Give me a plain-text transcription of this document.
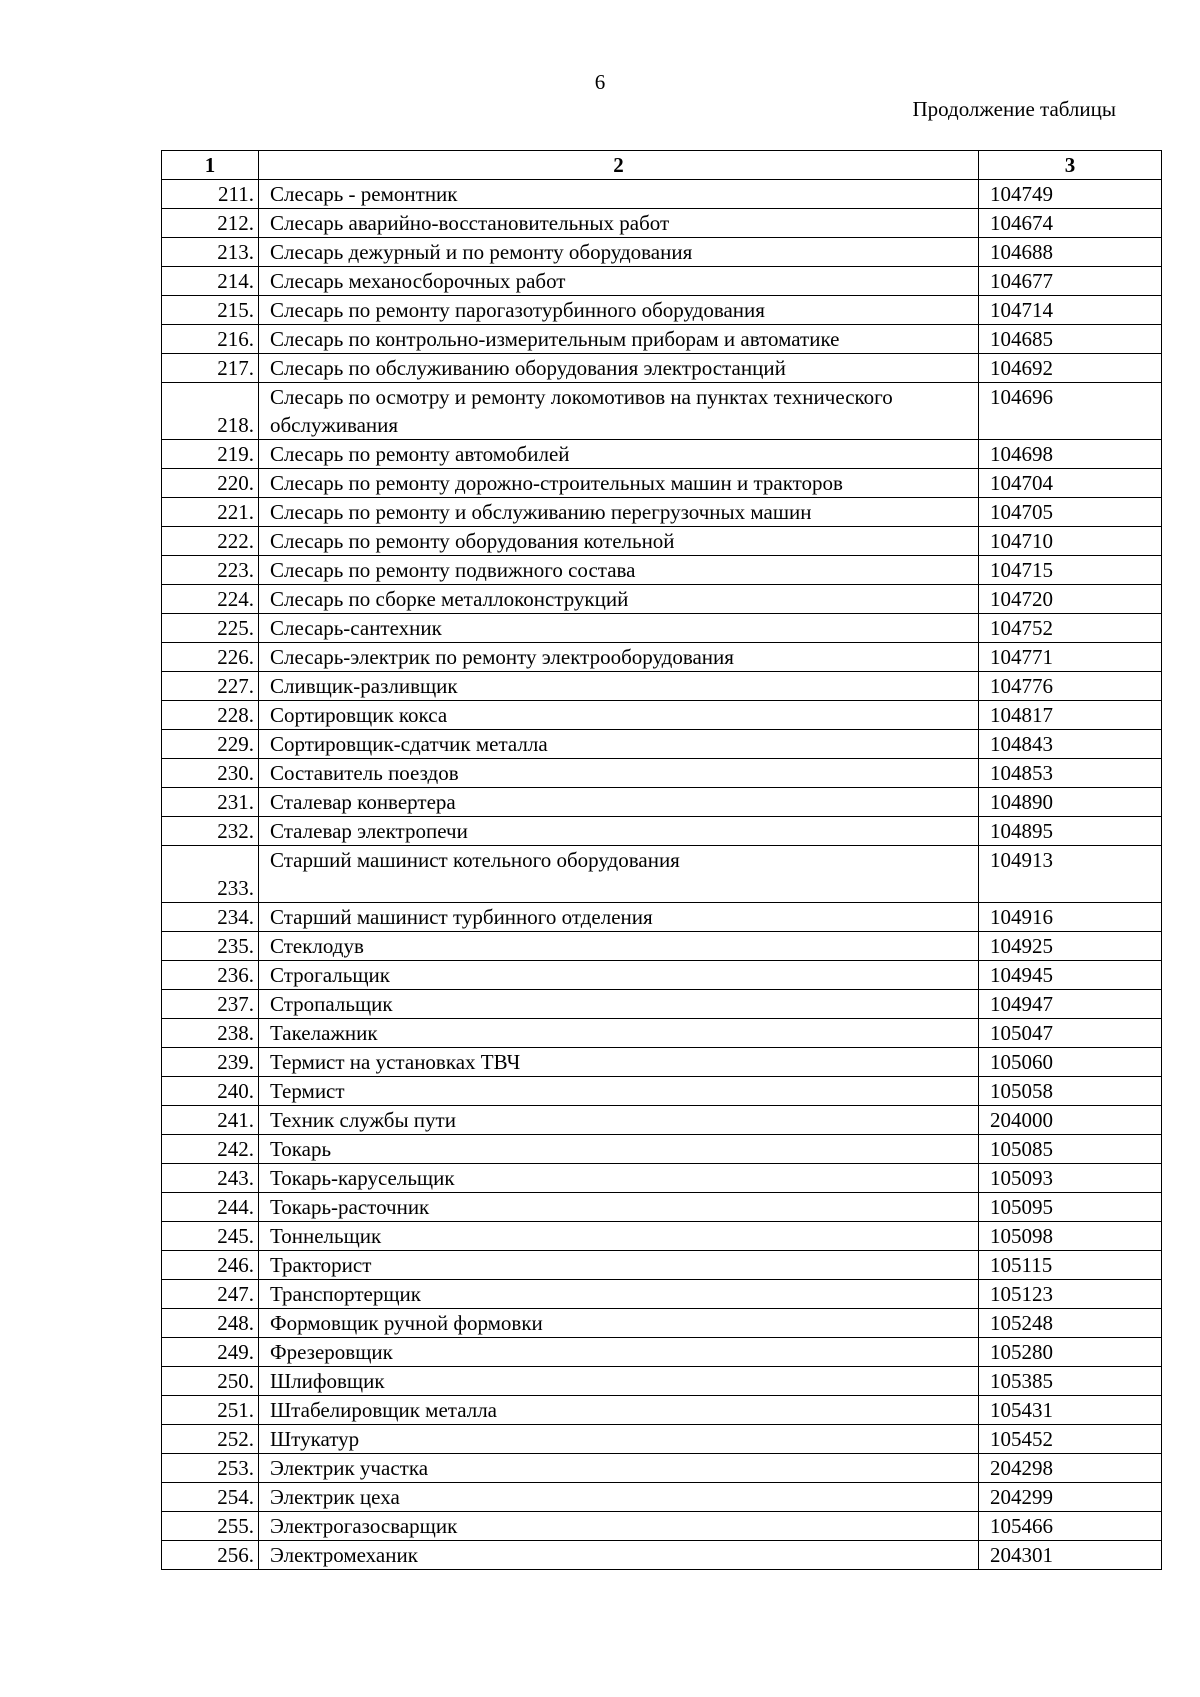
6
Продолжение таблицы
1	2	3
211.	Слесарь - ремонтник	104749
212.	Слесарь аварийно-восстановительных работ	104674
213.	Слесарь дежурный и по ремонту оборудования	104688
214.	Слесарь механосборочных работ	104677
215.	Слесарь по ремонту парогазотурбинного оборудования	104714
216.	Слесарь по контрольно-измерительным приборам и автоматике	104685
217.	Слесарь по обслуживанию оборудования электростанций	104692
218.	Слесарь по осмотру и ремонту локомотивов на пунктах технического обслуживания	104696
219.	Слесарь по ремонту автомобилей	104698
220.	Слесарь по ремонту дорожно-строительных машин и тракторов	104704
221.	Слесарь по ремонту и обслуживанию перегрузочных машин	104705
222.	Слесарь по ремонту оборудования котельной	104710
223.	Слесарь по ремонту подвижного состава	104715
224.	Слесарь по сборке металлоконструкций	104720
225.	Слесарь-сантехник	104752
226.	Слесарь-электрик по ремонту электрооборудования	104771
227.	Сливщик-разливщик	104776
228.	Сортировщик кокса	104817
229.	Сортировщик-сдатчик металла	104843
230.	Составитель поездов	104853
231.	Сталевар конвертера	104890
232.	Сталевар электропечи	104895
233.	Старший машинист котельного оборудования	104913
234.	Старший машинист турбинного отделения	104916
235.	Стеклодув	104925
236.	Строгальщик	104945
237.	Стропальщик	104947
238.	Такелажник	105047
239.	Термист на установках ТВЧ	105060
240.	Термист	105058
241.	Техник службы пути	204000
242.	Токарь	105085
243.	Токарь-карусельщик	105093
244.	Токарь-расточник	105095
245.	Тоннельщик	105098
246.	Тракторист	105115
247.	Транспортерщик	105123
248.	Формовщик ручной формовки	105248
249.	Фрезеровщик	105280
250.	Шлифовщик	105385
251.	Штабелировщик металла	105431
252.	Штукатур	105452
253.	Электрик участка	204298
254.	Электрик цеха	204299
255.	Электрогазосварщик	105466
256.	Электромеханик	204301
